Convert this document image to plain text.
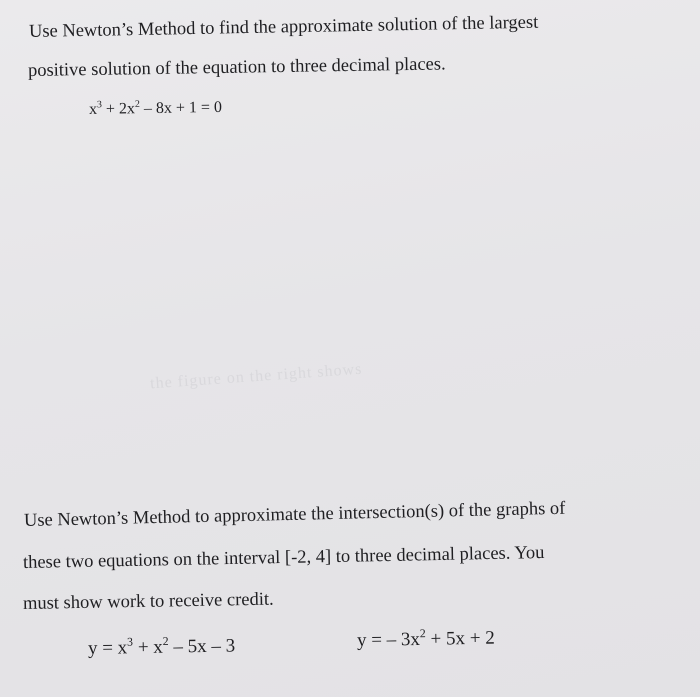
the figure on the right shows
Use Newton’s Method to find the approximate solution of the largest
positive solution of the equation to three decimal places.
$x^3 + 2x^2 - 8x + 1 = 0$
Use Newton’s Method to approximate the intersection(s) of the graphs of
these two equations on the interval [-2, 4] to three decimal places. You
must show work to receive credit.
$y = x^3 + x^2 - 5x - 3$	y = – $3x^2 + 5x + 2$
